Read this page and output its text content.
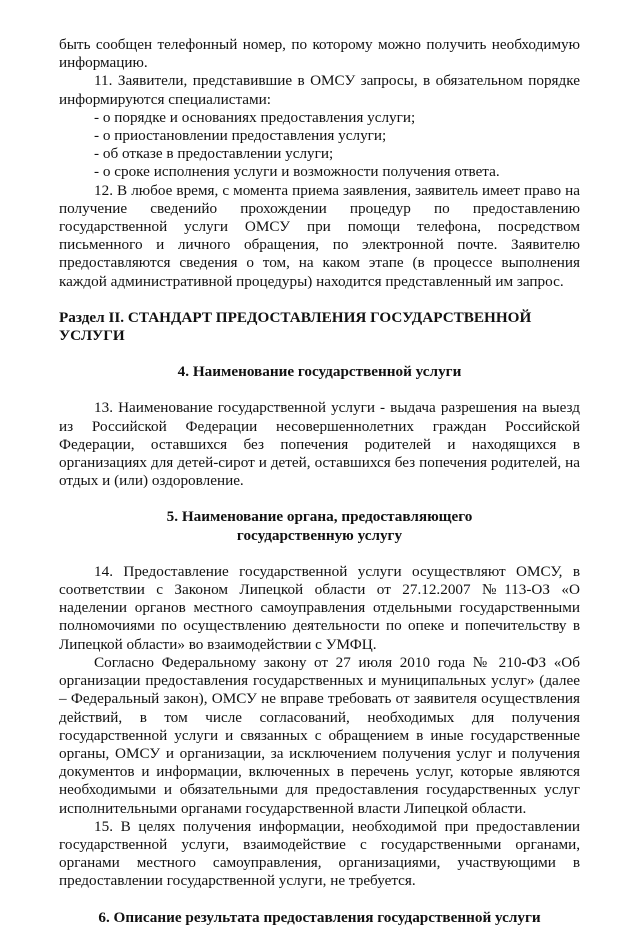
быть сообщен телефонный номер, по которому можно получить необходимую информацию.

11. Заявители, представившие в ОМСУ запросы, в обязательном порядке информируются специалистами:

- о порядке и основаниях предоставления услуги;

- о приостановлении предоставления услуги;

- об отказе в предоставлении услуги;

- о сроке исполнения услуги и возможности получения ответа.

12. В любое время, с момента приема заявления, заявитель имеет право на получение сведенийо прохождении процедур по предоставлению государственной услуги ОМСУ при помощи телефона, посредством письменного и личного обращения, по электронной почте. Заявителю предоставляются сведения о том, на каком этапе (в процессе выполнения каждой административной процедуры) находится представленный им запрос.

Раздел II. СТАНДАРТ ПРЕДОСТАВЛЕНИЯ ГОСУДАРСТВЕННОЙ УСЛУГИ
4. Наименование государственной услуги

13. Наименование государственной услуги - выдача разрешения на выезд из Российской Федерации несовершеннолетних граждан Российской Федерации, оставшихся без попечения родителей и находящихся в организациях для детей-сирот и детей, оставшихся без попечения родителей, на отдых и (или) оздоровление.

5. Наименование органа, предоставляющего
государственную услугу

14. Предоставление государственной услуги осуществляют ОМСУ, в соответствии с Законом Липецкой области от 27.12.2007 №113-ОЗ «О наделении органов местного самоуправления отдельными государственными полномочиями по осуществлению деятельности по опеке и попечительству в Липецкой области» во взаимодействии с УМФЦ.

Согласно Федеральному закону от 27 июля 2010 года № 210-ФЗ «Об организации предоставления государственных и муниципальных услуг» (далее – Федеральный закон), ОМСУ не вправе требовать от заявителя осуществления действий, в том числе согласований, необходимых для получения государственной услуги и связанных с обращением в иные государственные органы, ОМСУ и организации, за исключением получения услуг и получения документов и информации, включенных в перечень услуг, которые являются необходимыми и обязательными для предоставления государственных услуг исполнительными органами государственной власти Липецкой области.

15. В целях получения информации, необходимой при предоставлении государственной услуги, взаимодействие с государственными органами, органами местного самоуправления, организациями, участвующими в предоставлении государственной услуги, не требуется.

6. Описание результата предоставления государственной услуги
